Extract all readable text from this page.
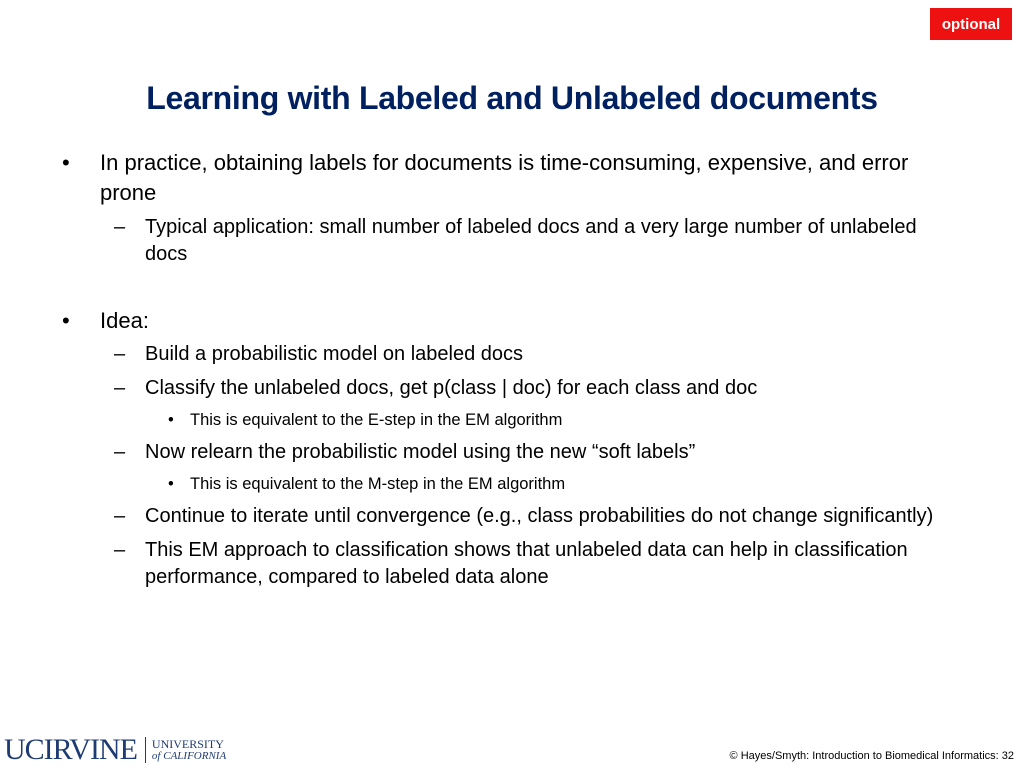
optional
Learning with Labeled and Unlabeled documents
• In practice, obtaining labels for documents is time-consuming, expensive, and error prone
– Typical application: small number of labeled docs and a very large number of unlabeled docs
• Idea:
– Build a probabilistic model on labeled docs
– Classify the unlabeled docs, get p(class | doc) for each class and doc
• This is equivalent to the E-step in the EM algorithm
– Now relearn the probabilistic model using the new “soft labels”
• This is equivalent to the M-step in the EM algorithm
– Continue to iterate until convergence (e.g., class probabilities do not change significantly)
– This EM approach to classification shows that unlabeled data can help in classification performance, compared to labeled data alone
UCIRVINE UNIVERSITY
of CALIFORNIA	© Hayes/Smyth: Introduction to Biomedical Informatics: 32
